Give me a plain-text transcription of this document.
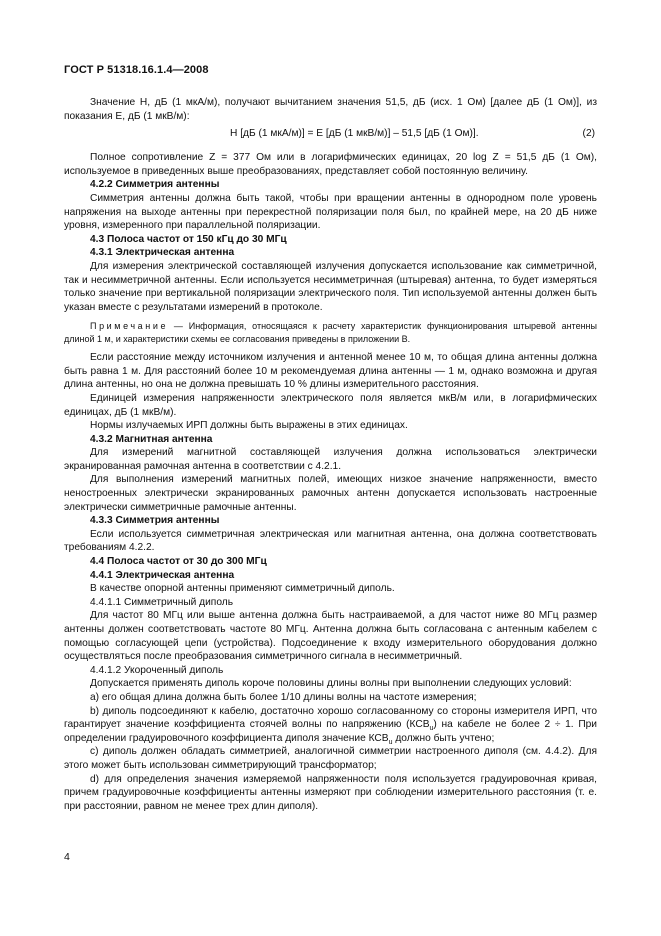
ГОСТ Р 51318.16.1.4—2008

Значение H, дБ (1 мкА/м), получают вычитанием значения 51,5, дБ (исх. 1 Ом) [далее дБ (1 Ом)], из показания E, дБ (1 мкВ/м):

H [дБ (1 мкА/м)] = E [дБ (1 мкВ/м)] – 51,5 [дБ (1 Ом)].	(2)

Полное сопротивление Z = 377 Ом или в логарифмических единицах, 20 log Z = 51,5 дБ (1 Ом), используемое в приведенных выше преобразованиях, представляет собой постоянную величину.

4.2.2 Симметрия антенны

Симметрия антенны должна быть такой, чтобы при вращении антенны в однородном поле уровень напряжения на выходе антенны при перекрестной поляризации поля был, по крайней мере, на 20 дБ ниже уровня, измеренного при параллельной поляризации.

4.3 Полоса частот от 150 кГц до 30 МГц

4.3.1 Электрическая антенна

Для измерения электрической составляющей излучения допускается использование как симметричной, так и несимметричной антенны. Если используется несимметричная (штыревая) антенна, то будет измеряться только значение при вертикальной поляризации электрического поля. Тип используемой антенны должен быть указан вместе с результатами измерений в протоколе.

Примечание — Информация, относящаяся к расчету характеристик функционирования штыревой антенны длиной 1 м, и характеристики схемы ее согласования приведены в приложении В.

Если расстояние между источником излучения и антенной менее 10 м, то общая длина антенны должна быть равна 1 м. Для расстояний более 10 м рекомендуемая длина антенны — 1 м, однако возможна и другая длина антенны, но она не должна превышать 10 % длины измерительного расстояния.

Единицей измерения напряженности электрического поля является мкВ/м или, в логарифмических единицах, дБ (1 мкВ/м).

Нормы излучаемых ИРП должны быть выражены в этих единицах.

4.3.2 Магнитная антенна

Для измерений магнитной составляющей излучения должна использоваться электрически экранированная рамочная антенна в соответствии с 4.2.1.

Для выполнения измерений магнитных полей, имеющих низкое значение напряженности, вместо неностроенных электрически экранированных рамочных антенн допускается использовать настроенные электрически симметричные рамочные антенны.

4.3.3 Симметрия антенны

Если используется симметричная электрическая или магнитная антенна, она должна соответствовать требованиям 4.2.2.

4.4 Полоса частот от 30 до 300 МГц

4.4.1 Электрическая антенна

В качестве опорной антенны применяют симметричный диполь.

4.4.1.1 Симметричный диполь

Для частот 80 МГц или выше антенна должна быть настраиваемой, а для частот ниже 80 МГц размер антенны должен соответствовать частоте 80 МГц. Антенна должна быть согласована с антенным кабелем с помощью согласующей цепи (устройства). Подсоединение к входу измерительного оборудования должно осуществляться после преобразования симметричного сигнала в несимметричный.

4.4.1.2 Укороченный диполь

Допускается применять диполь короче половины длины волны при выполнении следующих условий:

a) его общая длина должна быть более 1/10 длины волны на частоте измерения;

b) диполь подсоединяют к кабелю, достаточно хорошо согласованному со стороны измерителя ИРП, что гарантирует значение коэффициента стоячей волны по напряжению $(КСВ_u)$ на кабеле не более 2 ÷ 1. При определении градуировочного коэффициента диполя значение $КСВ_u$ должно быть учтено;

c) диполь должен обладать симметрией, аналогичной симметрии настроенного диполя (см. 4.4.2). Для этого может быть использован симметрирующий трансформатор;

d) для определения значения измеряемой напряженности поля используется градуировочная кривая, причем градуировочные коэффициенты антенны измеряют при соблюдении измерительного расстояния (т. е. при расстоянии, равном не менее трех длин диполя).

4
